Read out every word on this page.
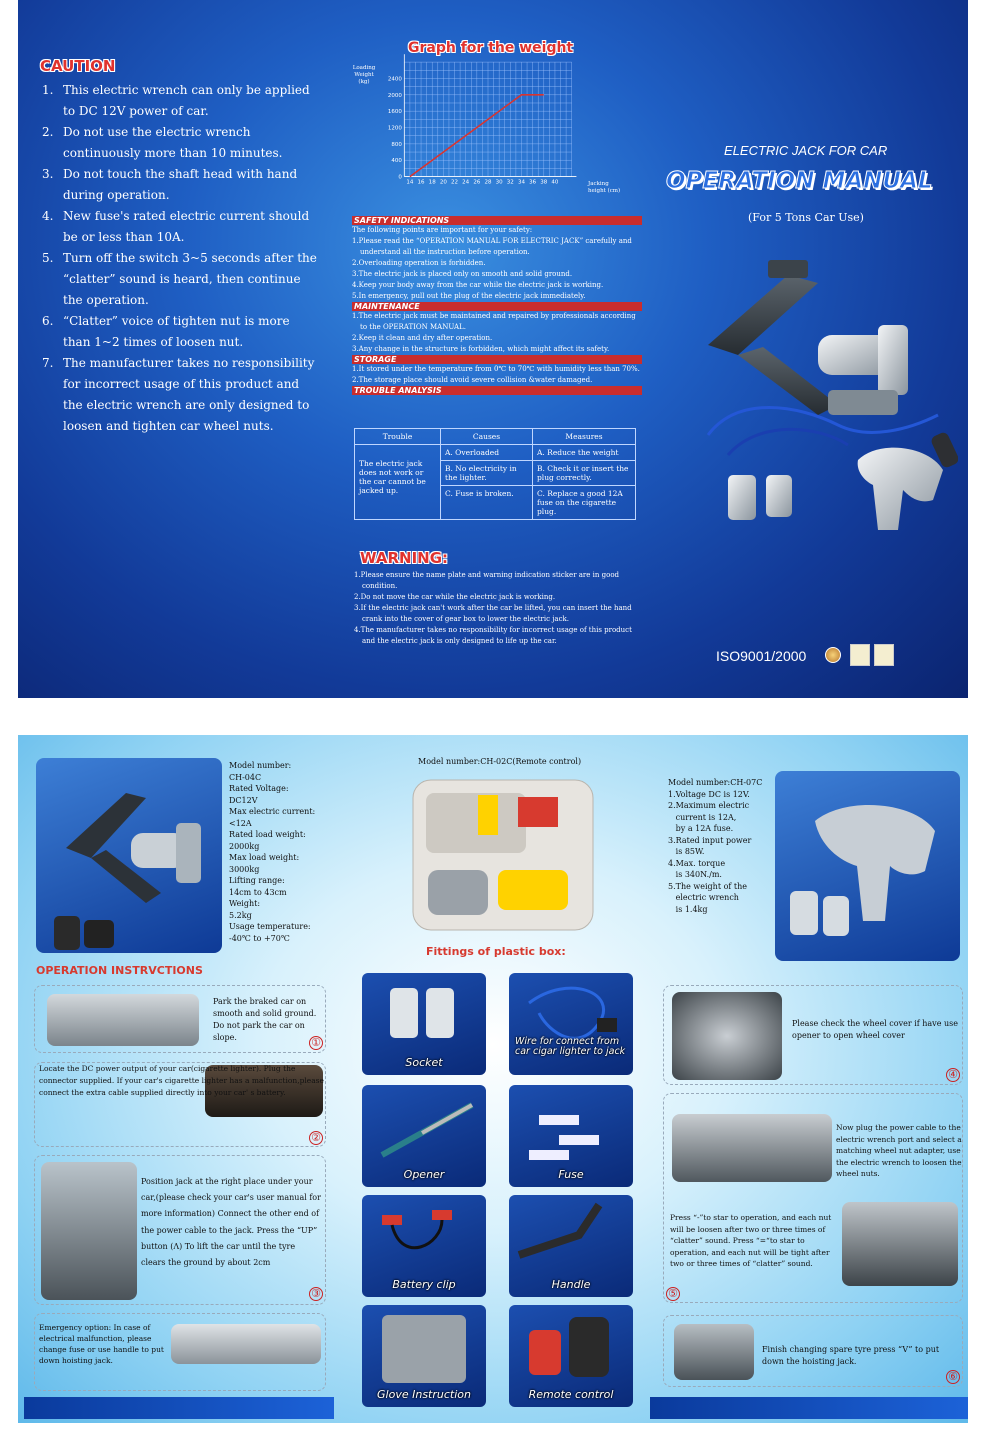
CAUTION
1. This electric wrench can only be applied to DC 12V power of car.
2. Do not use the electric wrench continuously more than 10 minutes.
3. Do not touch the shaft head with hand during operation.
4. New fuse's rated electric current should be or less than 10A.
5. Turn off the switch 3~5 seconds after the “clatter” sound is heard, then continue the operation.
6. “Clatter” voice of tighten nut is more than 1~2 times of loosen nut.
7. The manufacturer takes no responsibility for incorrect usage of this product and the electric wrench are only designed to loosen and tighten car wheel nuts.
Graph for the weight
Loading Weight (kg)
Jacking height (cm)
14 16 18 20 22 24 26 28 30 32 34 36 38 40
0
400
800
1200
1600
2000
2400
SAFETY INDICATIONS
The following points are important for your safety:
1.Please read the “OPERATION MANUAL FOR ELECTRIC JACK” carefully and understand all the instruction before operation.
2.Overloading operation is forbidden.
3.The electric jack is placed only on smooth and solid ground.
4.Keep your body away from the car while the electric jack is working.
5.In emergency, pull out the plug of the electric jack immediately.
MAINTENANCE
1.The electric jack must be maintained and repaired by professionals according to the OPERATION MANUAL.
2.Keep it clean and dry after operation.
3.Any change in the structure is forbidden, which might affect its safety.
STORAGE
1.It stored under the temperature from 0℃ to 70℃ with humidity less than 70%.
2.The storage place should avoid severe collision &water damaged.
TROUBLE ANALYSIS
Trouble	Causes	Measures
The electric jack does not work or the car cannot be jacked up.	A. Overloaded	A. Reduce the weight
	B. No electricity in the lighter.	B. Check it or insert the plug correctly.
	C. Fuse is broken.	C. Replace a good 12A fuse on the cigarette plug.
WARNING:
1.Please ensure the name plate and warning indication sticker are in good condition.
2.Do not move the car while the electric jack is working.
3.If the electric jack can't work after the car be lifted, you can insert the hand crank into the cover of gear box to lower the electric jack.
4.The manufacturer takes no responsibility for incorrect usage of this product and the electric jack is only designed to life up the car.
ELECTRIC JACK FOR CAR
OPERATION MANUAL
(For 5 Tons Car Use)
ISO9001/2000
Model number:
CH-04C
Rated Voltage:
DC12V
Max electric current:
<12A
Rated load weight:
2000kg
Max load weight:
3000kg
Lifting range:
14cm to 43cm
Weight:
5.2kg
Usage temperature:
-40℃ to +70℃
Model number:CH-02C(Remote control)
Model number:CH-07C
1.Voltage DC is 12V.
2.Maximum electric
current is 12A,
by a 12A fuse.
3.Rated input power
is 85W.
4.Max. torque
is 340N./m.
5.The weight of the
electric wrench
is 1.4kg
OPERATION INSTRVCTIONS
Fittings of plastic box:
Park the braked car on smooth and solid ground. Do not park the car on slope.	①
Locate the DC power output of your car(cigarette lighter). Plug the connector supplied. If your car's cigarette lighter has a malfunction,please connect the extra cable supplied directly into your car' s battery.
②
Position jack at the right place under your car,(please check your car's user manual for more information) Connect the other end of the power cable to the jack. Press the “UP” button (Λ) To lift the car until the tyre clears the ground by about 2cm
③
Emergency option: In case of electrical malfunction, please change fuse or use handle to put down hoisting jack.
Socket
Wire for connect from car cigar lighter to jack
Opener	Fuse
Battery clip	Handle
Glove Instruction	Remote control
Please check the wheel cover if have use opener to open wheel cover
④
Now plug the power cable to the electric wrench port and select a matching wheel nut adapter, use the electric wrench to loosen the wheel nuts.
Press “-”to star to operation, and each nut will be loosen after two or three times of “clatter” sound. Press “=“to star to operation, and each nut will be tight after two or three times of “clatter” sound.
⑤
Finish changing spare tyre press “V” to put down the hoisting jack.
⑥
